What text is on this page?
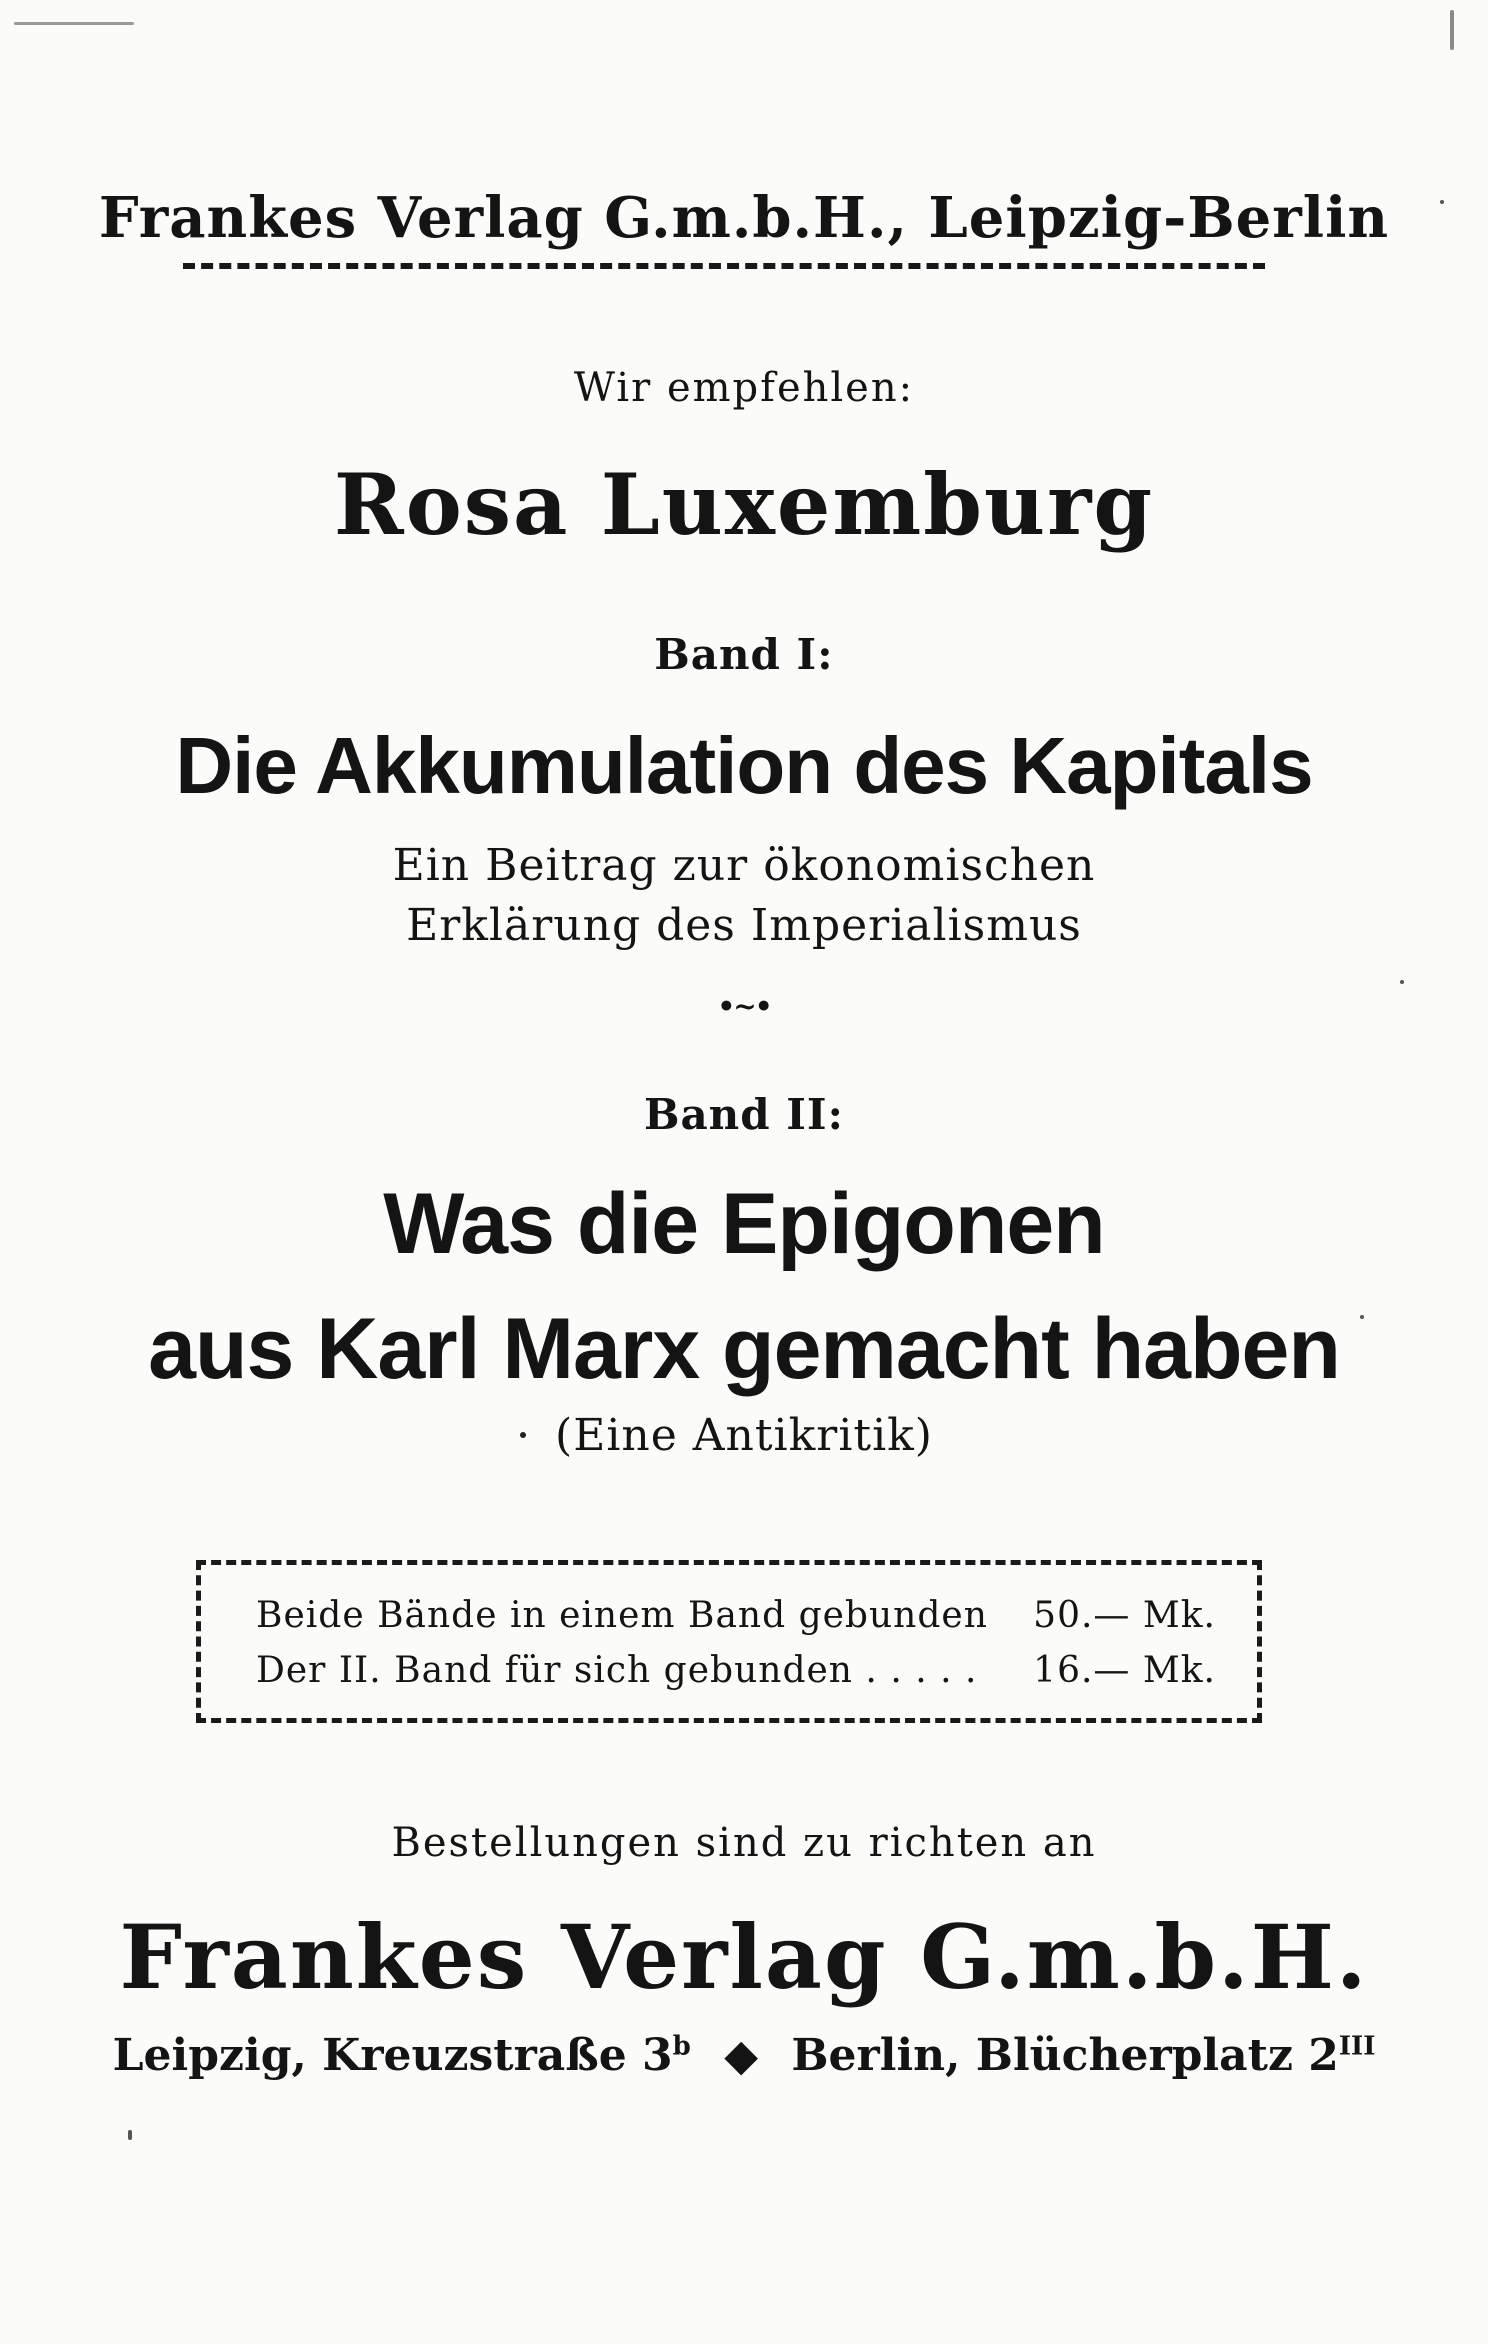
Frankes Verlag G.m.b.H., Leipzig-Berlin
Wir empfehlen:
Rosa Luxemburg
Band I:
Die Akkumulation des Kapitals
Ein Beitrag zur ökonomischen
Erklärung des Imperialismus
•~•
Band II:
Was die Epigonen
aus Karl Marx gemacht haben
(Eine Antikritik)
Beide Bände in einem Band gebunden 50.— Mk.
Der II. Band für sich gebunden . . . . . 16.— Mk.
Bestellungen sind zu richten an
Frankes Verlag G.m.b.H.
Leipzig, Kreuzstraße 3$^b$ ◆ Berlin, Blücherplatz $2^{III}$
